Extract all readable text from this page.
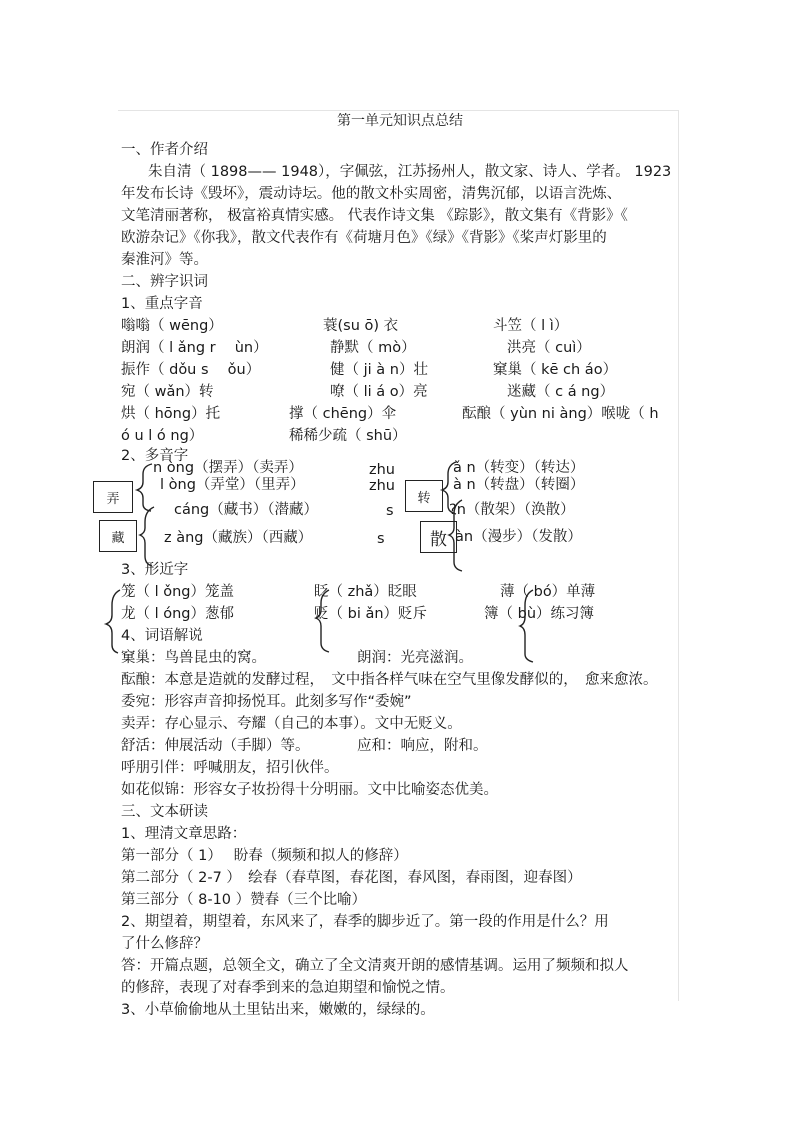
第一单元知识点总结
一、作者介绍
朱自清（ 1898—— 1948），字佩弦，江苏扬州人，散文家、诗人、学者。 1923
年发布长诗《毁坏》，震动诗坛。他的散文朴实周密，清隽沉郁，以语言洗炼、
文笔清丽著称， 极富裕真情实感。 代表作诗文集 《踪影》，散文集有《背影》《
欧游杂记》《你我》，散文代表作有《荷塘月色》《绿》《背影》《桨声灯影里的
秦淮河》等。
二、辨字识词
1、重点字音
嗡嗡（ wēng）	蓑(su ō) 衣	斗笠（ l ì）
朗润（ l ǎng r　 ùn）	静默（ mò）	洪亮（ cuì）
振作（ dǒu s　 ǒu）	健（ ji à n）壮	窠巢（ kē ch áo）
宛（ wǎn）转	嘹（ li á o）亮	迷藏（ c á ng）
烘（ hōng）托	撑（ chēng）伞	酝酿（ yùn ni àng）喉咙（ h
ó u l ó ng）	稀稀少疏（ shū）
2、多音字
弄
藏
n òng（摆弄）（卖弄）
l òng（弄堂）（里弄）
cáng（藏书）（潜藏）
z àng（藏族）（西藏）
转
散
zhu	ǎ n（转变）（转达）
zhu	à n（转盘）（转圈）
s	?n（散架）（涣散）
s	àn（漫步）（发散）
3、形近字
笼（ l ǒng）笼盖	眨（ zhǎ）眨眼	薄（ bó）单薄
龙（ l óng）葱郁	贬（ bi ǎn）贬斥	簿（ bù）练习簿
4、词语解说
窠巢：鸟兽昆虫的窝。	朗润：光亮滋润。
酝酿：本意是造就的发酵过程，　文中指各样气味在空气里像发酵似的，　愈来愈浓。
委宛：形容声音抑扬悦耳。此刻多写作“委婉”
卖弄：存心显示、夸耀（自己的本事）。文中无贬义。
舒活：伸展活动（手脚）等。	应和：响应，附和。
呼朋引伴：呼喊朋友，招引伙伴。
如花似锦：形容女子妆扮得十分明丽。文中比喻姿态优美。
三、文本研读
1、理清文章思路：
第一部分（ 1）　 盼春（频频和拟人的修辞）
第二部分（ 2-7 ）　绘春（春草图，春花图，春风图，春雨图，迎春图）
第三部分（ 8-10 ）赞春（三个比喻）
2、期望着，期望着，东风来了，春季的脚步近了。第一段的作用是什么？用
了什么修辞？
答：开篇点题，总领全文，确立了全文清爽开朗的感情基调。运用了频频和拟人
的修辞，表现了对春季到来的急迫期望和愉悦之情。
3、小草偷偷地从土里钻出来，嫩嫩的，绿绿的。
